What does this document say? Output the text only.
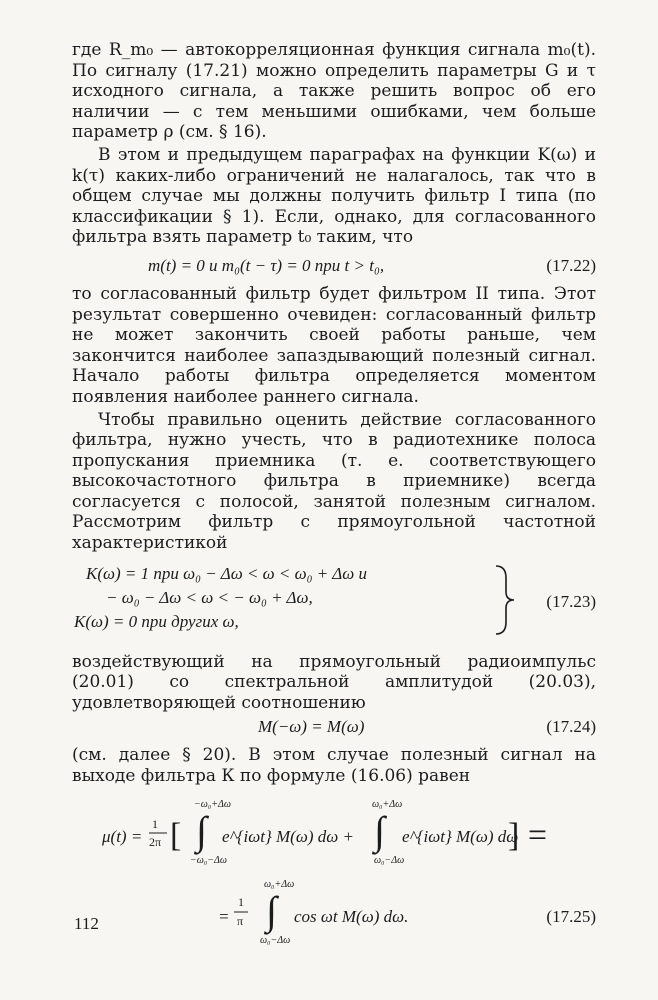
где R_m₀ — автокорреляционная функция сигнала m₀(t). По сигналу (17.21) можно определить параметры G и τ исходного сигнала, а также решить вопрос об его наличии — с тем меньшими ошибками, чем больше параметр ρ (см. § 16).

В этом и предыдущем параграфах на функции K(ω) и k(τ) каких-либо ограничений не налагалось, так что в общем случае мы должны получить фильтр I типа (по классификации § 1). Если, однако, для согласованного фильтра взять параметр t₀ таким, что

m(t) = 0 и m₀(t − τ) = 0 при t > t₀,	(17.22)

то согласованный фильтр будет фильтром II типа. Этот результат совершенно очевиден: согласованный фильтр не может закончить своей работы раньше, чем закончится наиболее запаздывающий полезный сигнал. Начало работы фильтра определяется моментом появления наиболее раннего сигнала.

Чтобы правильно оценить действие согласованного фильтра, нужно учесть, что в радиотехнике полоса пропускания приемника (т. е. соответствующего высокочастотного фильтра в приемнике) всегда согласуется с полосой, занятой полезным сигналом. Рассмотрим фильтр с прямоугольной частотной характеристикой

K(ω) = 1 при ω₀ − Δω < ω < ω₀ + Δω и
− ω₀ − Δω < ω < − ω₀ + Δω,
K(ω) = 0 при других ω,
(17.23)

воздействующий на прямоугольный радиоимпульс (20.01) со спектральной амплитудой (20.03), удовлетворяющей соотношению

M(−ω) = M(ω)	(17.24)

(см. далее § 20). В этом случае полезный сигнал на выходе фильтра К по формуле (16.06) равен

μ(t) =
1
2π [
−ω₀+Δω
∫
−ω₀−Δω
e^{iωt} M(ω) dω +
ω₀+Δω
∫
ω₀−Δω
e^{iωt} M(ω) dω
] =
=
1
π
ω₀+Δω
∫
ω₀−Δω
cos ωt M(ω) dω.	(17.25)
112
